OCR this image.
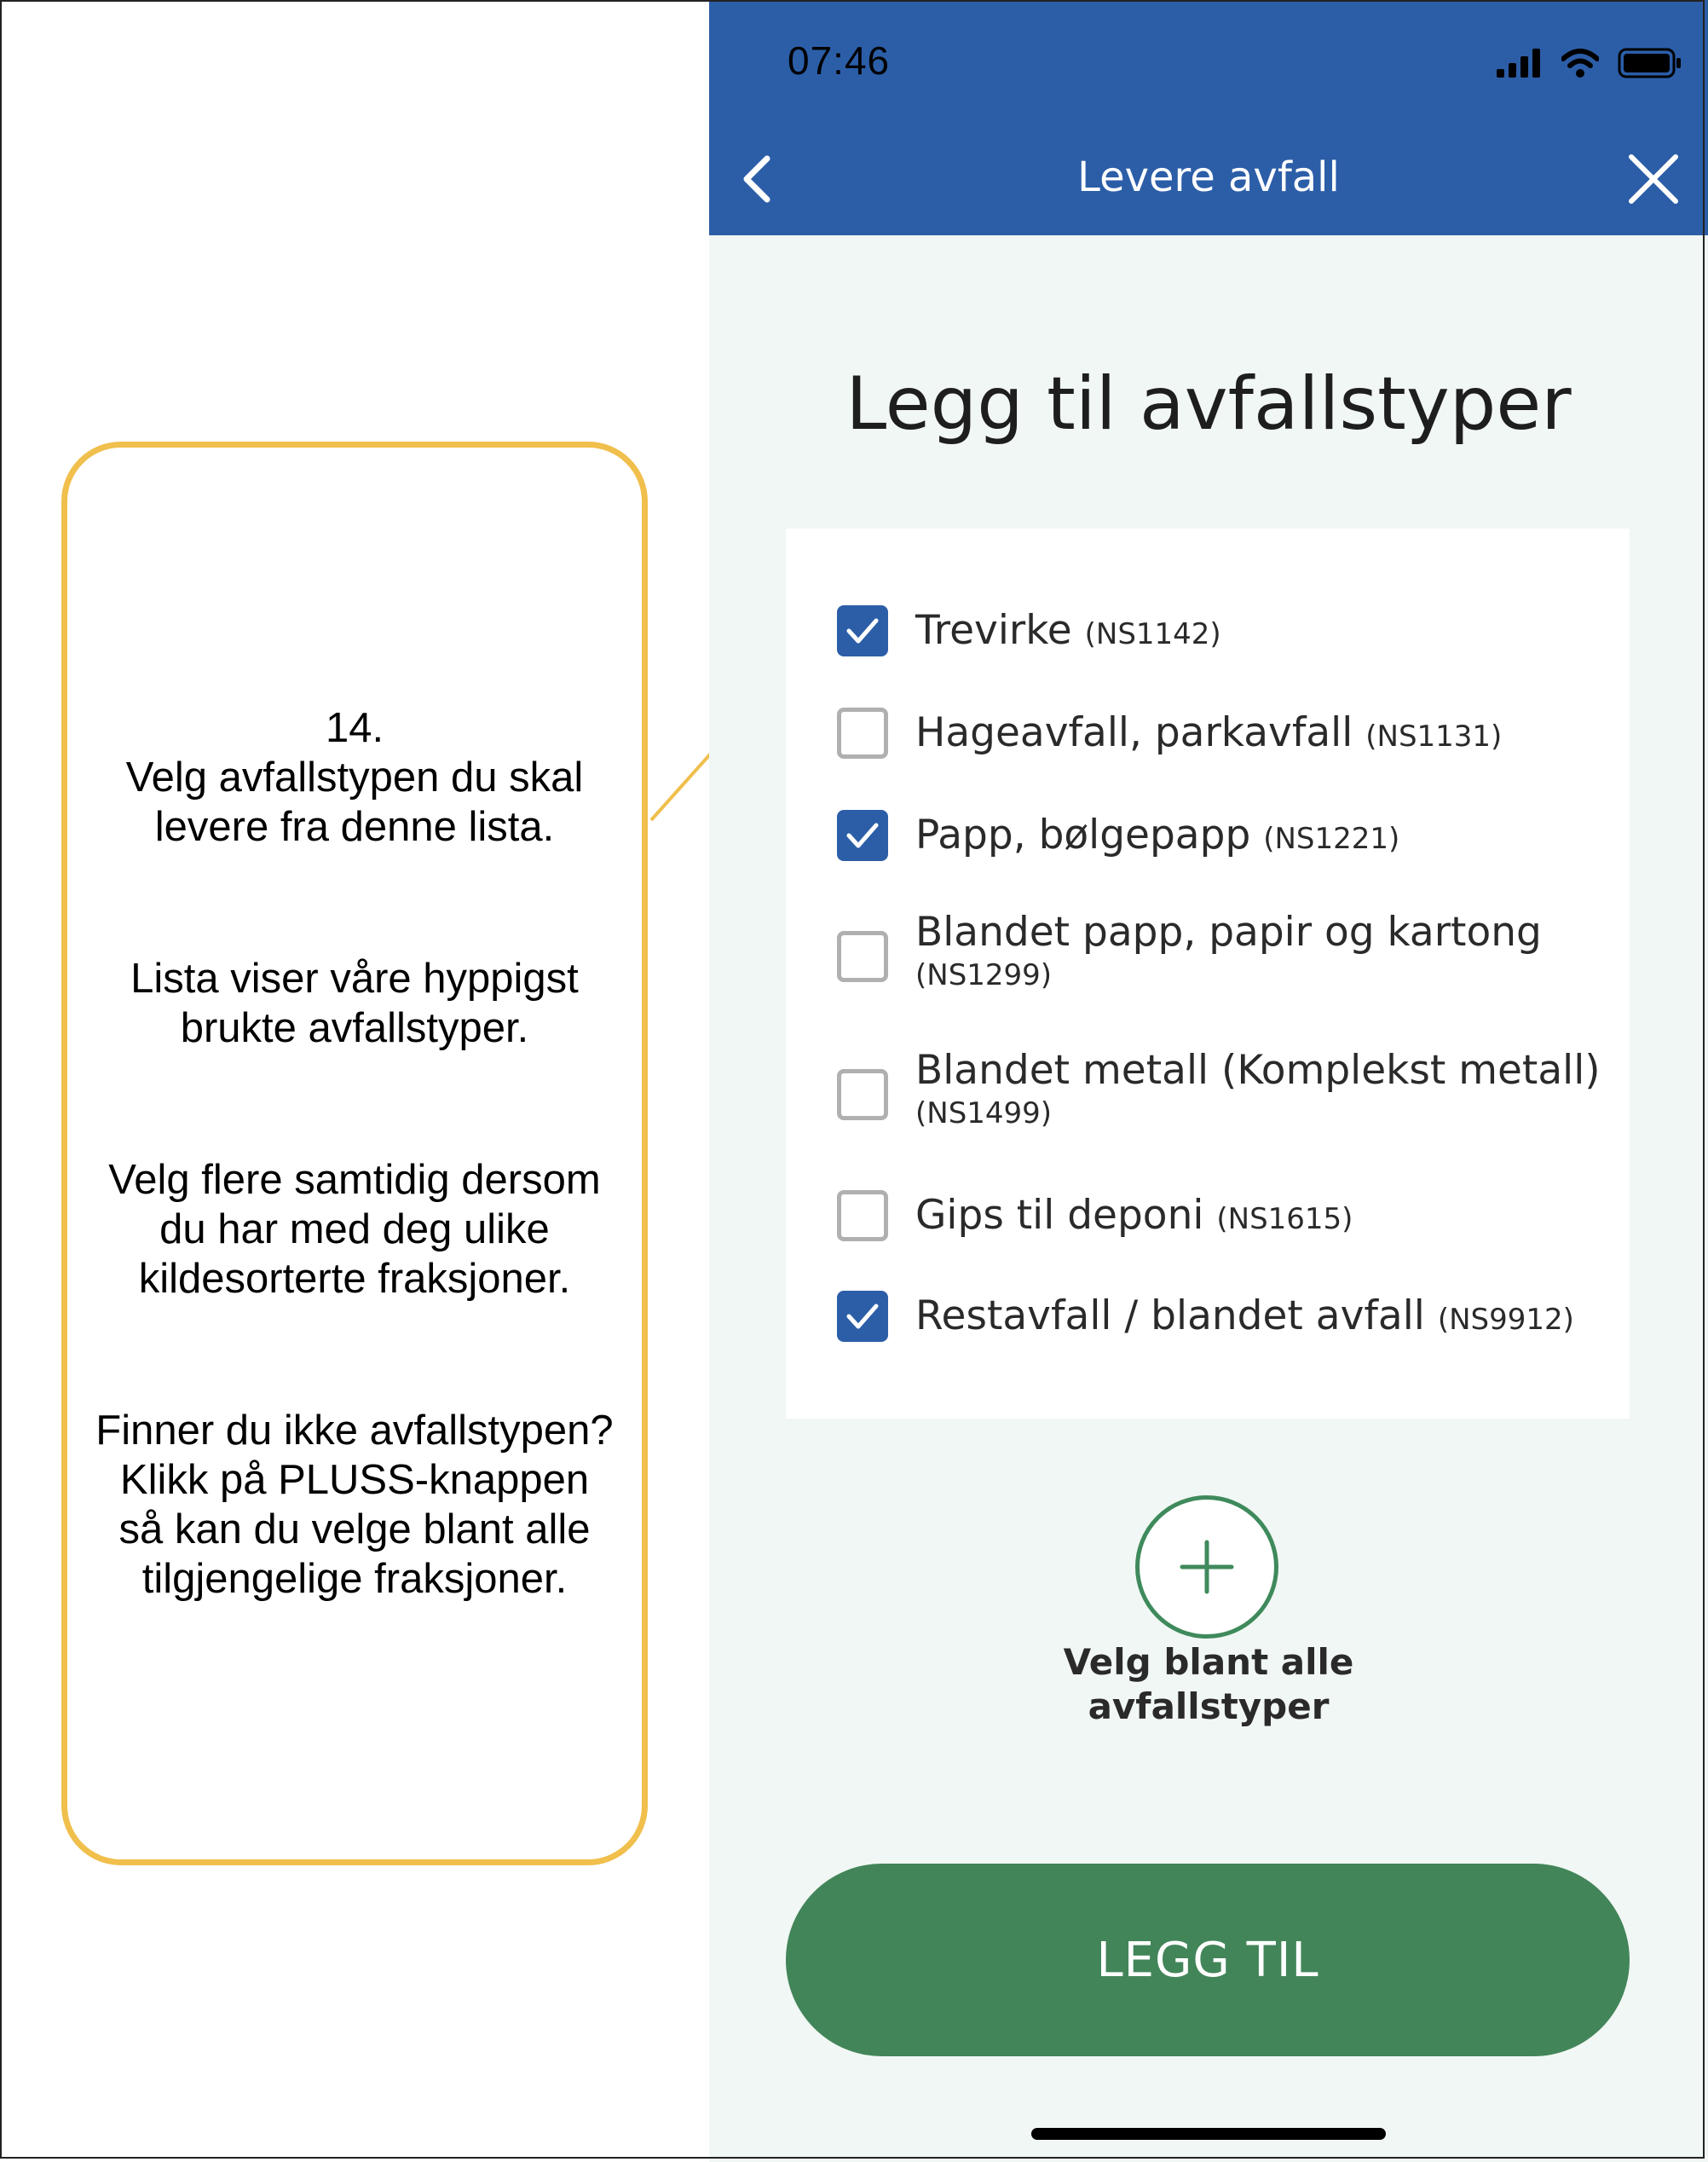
14.
Velg avfallstypen du skal
levere fra denne lista.
Lista viser våre hyppigst
brukte avfallstyper.
Velg flere samtidig dersom
du har med deg ulike
kildesorterte fraksjoner.
Finner du ikke avfallstypen?
Klikk på PLUSS-knappen
så kan du velge blant alle
tilgjengelige fraksjoner.
07:46
Levere avfall
Legg til avfallstyper
Trevirke (NS1142)
Hageavfall, parkavfall (NS1131)
Papp, bølgepapp (NS1221)
Blandet papp, papir og kartong
(NS1299)
Blandet metall (Komplekst metall)
(NS1499)
Gips til deponi (NS1615)
Restavfall / blandet avfall (NS9912)
Velg blant alle
avfallstyper
LEGG TIL
